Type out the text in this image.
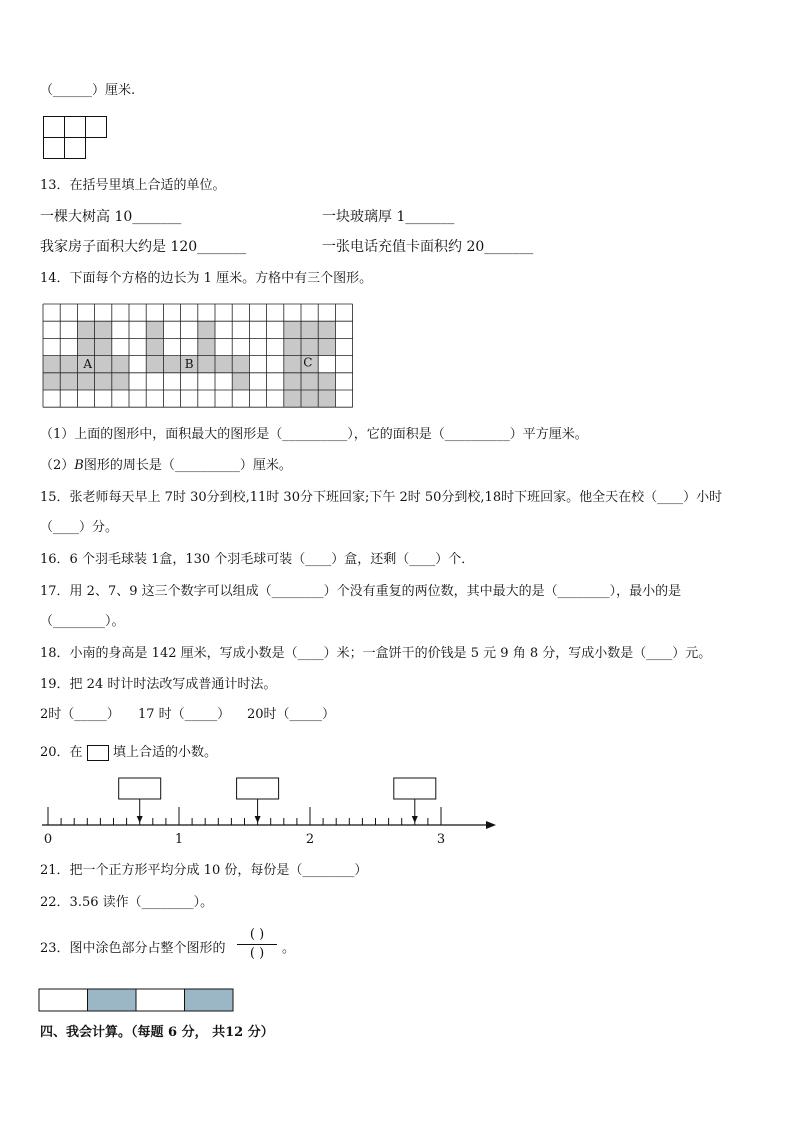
（______）厘米.
13．在括号里填上合适的单位。
一棵大树高 10_______	一块玻璃厚 1_______
我家房子面积大约是 120_______	一张电话充值卡面积约 20_______
14．下面每个方格的边长为 1 厘米。方格中有三个图形。
A	B	C
（1）上面的图形中，面积最大的图形是（__________），它的面积是（__________）平方厘米。
（2）B图形的周长是（__________）厘米。
15．张老师每天早上 7时 30分到校,11时 30分下班回家;下午 2时 50分到校,18时下班回家。他全天在校（____）小时
（____）分。
16．6 个羽毛球装 1盒，130 个羽毛球可装（____）盒，还剩（____）个．
17．用 2、7、9 这三个数字可以组成（________）个没有重复的两位数，其中最大的是（________），最小的是
（________）。
18．小南的身高是 142 厘米，写成小数是（____）米；一盒饼干的价钱是 5 元 9 角 8 分，写成小数是（____）元。
19．把 24 时计时法改写成普通计时法。
2时（_____） 17 时（_____） 20时（_____）
20．在 填上合适的小数。
0	1	2	3
21．把一个正方形平均分成 10 份，每份是（________）
22．3.56 读作（________）。
23．图中涂色部分占整个图形的
( )
( )	。
四、我会计算。（每题 6 分， 共12 分）
